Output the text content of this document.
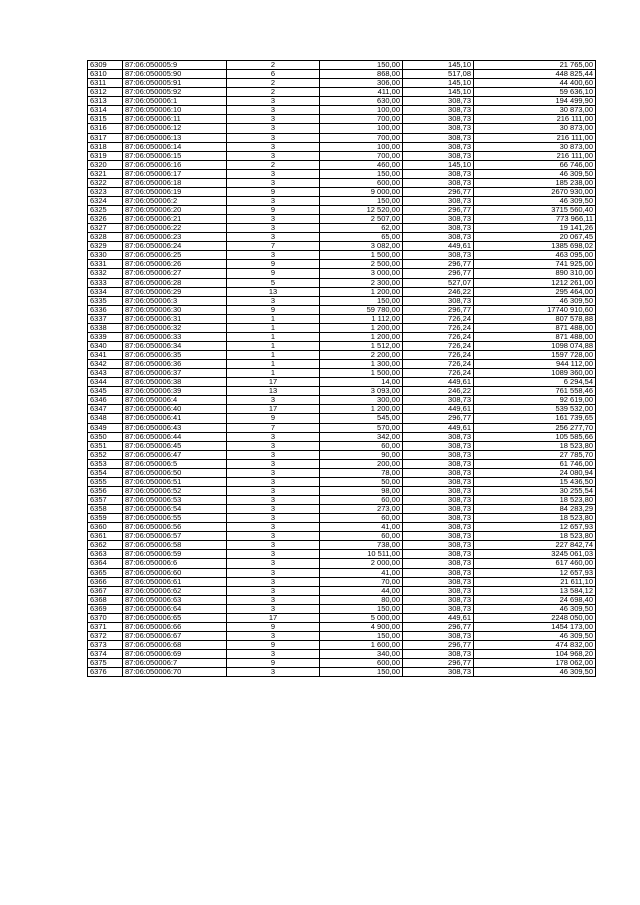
6309	87:06:050005:9	2	150,00	145,10	21 765,00
6310	87:06:050005:90	6	868,00	517,08	448 825,44
6311	87:06:050005:91	2	306,00	145,10	44 400,60
6312	87:06:050005:92	2	411,00	145,10	59 636,10
6313	87:06:050006:1	3	630,00	308,73	194 499,90
6314	87:06:050006:10	3	100,00	308,73	30 873,00
6315	87:06:050006:11	3	700,00	308,73	216 111,00
6316	87:06:050006:12	3	100,00	308,73	30 873,00
6317	87:06:050006:13	3	700,00	308,73	216 111,00
6318	87:06:050006:14	3	100,00	308,73	30 873,00
6319	87:06:050006:15	3	700,00	308,73	216 111,00
6320	87:06:050006:16	2	460,00	145,10	66 746,00
6321	87:06:050006:17	3	150,00	308,73	46 309,50
6322	87:06:050006:18	3	600,00	308,73	185 238,00
6323	87:06:050006:19	9	9 000,00	296,77	2670 930,00
6324	87:06:050006:2	3	150,00	308,73	46 309,50
6325	87:06:050006:20	9	12 520,00	296,77	3715 560,40
6326	87:06:050006:21	3	2 507,00	308,73	773 966,11
6327	87:06:050006:22	3	62,00	308,73	19 141,26
6328	87:06:050006:23	3	65,00	308,73	20 067,45
6329	87:06:050006:24	7	3 082,00	449,61	1385 698,02
6330	87:06:050006:25	3	1 500,00	308,73	463 095,00
6331	87:06:050006:26	9	2 500,00	296,77	741 925,00
6332	87:06:050006:27	9	3 000,00	296,77	890 310,00
6333	87:06:050006:28	5	2 300,00	527,07	1212 261,00
6334	87:06:050006:29	13	1 200,00	246,22	295 464,00
6335	87:06:050006:3	3	150,00	308,73	46 309,50
6336	87:06:050006:30	9	59 780,00	296,77	17740 910,60
6337	87:06:050006:31	1	1 112,00	726,24	807 578,88
6338	87:06:050006:32	1	1 200,00	726,24	871 488,00
6339	87:06:050006:33	1	1 200,00	726,24	871 488,00
6340	87:06:050006:34	1	1 512,00	726,24	1098 074,88
6341	87:06:050006:35	1	2 200,00	726,24	1597 728,00
6342	87:06:050006:36	1	1 300,00	726,24	944 112,00
6343	87:06:050006:37	1	1 500,00	726,24	1089 360,00
6344	87:06:050006:38	17	14,00	449,61	6 294,54
6345	87:06:050006:39	13	3 093,00	246,22	761 558,46
6346	87:06:050006:4	3	300,00	308,73	92 619,00
6347	87:06:050006:40	17	1 200,00	449,61	539 532,00
6348	87:06:050006:41	9	545,00	296,77	161 739,65
6349	87:06:050006:43	7	570,00	449,61	256 277,70
6350	87:06:050006:44	3	342,00	308,73	105 585,66
6351	87:06:050006:45	3	60,00	308,73	18 523,80
6352	87:06:050006:47	3	90,00	308,73	27 785,70
6353	87:06:050006:5	3	200,00	308,73	61 746,00
6354	87:06:050006:50	3	78,00	308,73	24 080,94
6355	87:06:050006:51	3	50,00	308,73	15 436,50
6356	87:06:050006:52	3	98,00	308,73	30 255,54
6357	87:06:050006:53	3	60,00	308,73	18 523,80
6358	87:06:050006:54	3	273,00	308,73	84 283,29
6359	87:06:050006:55	3	60,00	308,73	18 523,80
6360	87:06:050006:56	3	41,00	308,73	12 657,93
6361	87:06:050006:57	3	60,00	308,73	18 523,80
6362	87:06:050006:58	3	738,00	308,73	227 842,74
6363	87:06:050006:59	3	10 511,00	308,73	3245 061,03
6364	87:06:050006:6	3	2 000,00	308,73	617 460,00
6365	87:06:050006:60	3	41,00	308,73	12 657,93
6366	87:06:050006:61	3	70,00	308,73	21 611,10
6367	87:06:050006:62	3	44,00	308,73	13 584,12
6368	87:06:050006:63	3	80,00	308,73	24 698,40
6369	87:06:050006:64	3	150,00	308,73	46 309,50
6370	87:06:050006:65	17	5 000,00	449,61	2248 050,00
6371	87:06:050006:66	9	4 900,00	296,77	1454 173,00
6372	87:06:050006:67	3	150,00	308,73	46 309,50
6373	87:06:050006:68	9	1 600,00	296,77	474 832,00
6374	87:06:050006:69	3	340,00	308,73	104 968,20
6375	87:06:050006:7	9	600,00	296,77	178 062,00
6376	87:06:050006:70	3	150,00	308,73	46 309,50
